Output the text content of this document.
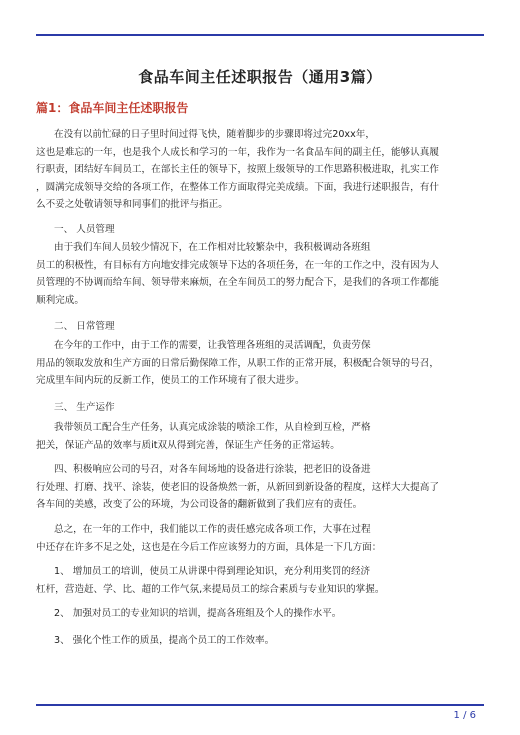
食品车间主任述职报告（通用3篇）
篇1：食品车间主任述职报告
在没有以前忙碌的日子里时间过得飞快，随着脚步的步骤即将过完20xx年，
这也是难忘的一年，也是我个人成长和学习的一年，我作为一名食品车间的副主任，能够认真履
行职责，团结好车间员工，在部长主任的领导下，按照上级领导的工作思路积极进取，扎实工作
，圆满完成领导交给的各项工作，在整体工作方面取得完美成绩。下面，我进行述职报告，有什
么不妥之处敬请领导和同事们的批评与指正。

一、 人员管理

由于我们车间人员较少情况下，在工作相对比较繁杂中，我积极调动各班组
员工的积极性，有目标有方向地安排完成领导下达的各项任务，在一年的工作之中，没有因为人
员管理的不协调而给车间、领导带来麻烦，在全车间员工的努力配合下，是我们的各项工作都能
顺利完成。

二、 日常管理

在今年的工作中，由于工作的需要，让我管理各班组的灵活调配，负责劳保
用品的领取发放和生产方面的日常后勤保障工作，从职工作的正常开展，积极配合领导的号召，
完成里车间内玩的反新工作，使员工的工作环境有了很大进步。

三、 生产运作

我带领员工配合生产任务，认真完成涂装的喷涂工作，从自检到互检，严格
把关，保证产品的效率与质it双从得到完善，保证生产任务的正常运转。
四、积极响应公司的号召，对各车间场地的设备进行涂装，把老旧的设备进
行处理、打磨、找平、涂装，使老旧的设备焕然一新，从新回到新设备的程度，这样大大提高了
各车间的美感，改变了公的环境，为公司设备的翻新做到了我们应有的责任。
总之，在一年的工作中，我们能以工作的责任感完成各项工作，大事在过程
中还存在许多不足之处，这也是在今后工作应该努力的方面，具体是一下几方面：
1、 增加员工的培训，使员工从讲课中得到理论知识，充分利用奖罚的经济
杠杆，营造赶、学、比、超的工作气氛,来提局员工的综合素质与专业知识的掌握。
2、 加强对员工的专业知识的培训，提高各班组及个人的操作水平。
3、 强化个性工作的质虽，提高个员工的工作效率。
1 / 6
